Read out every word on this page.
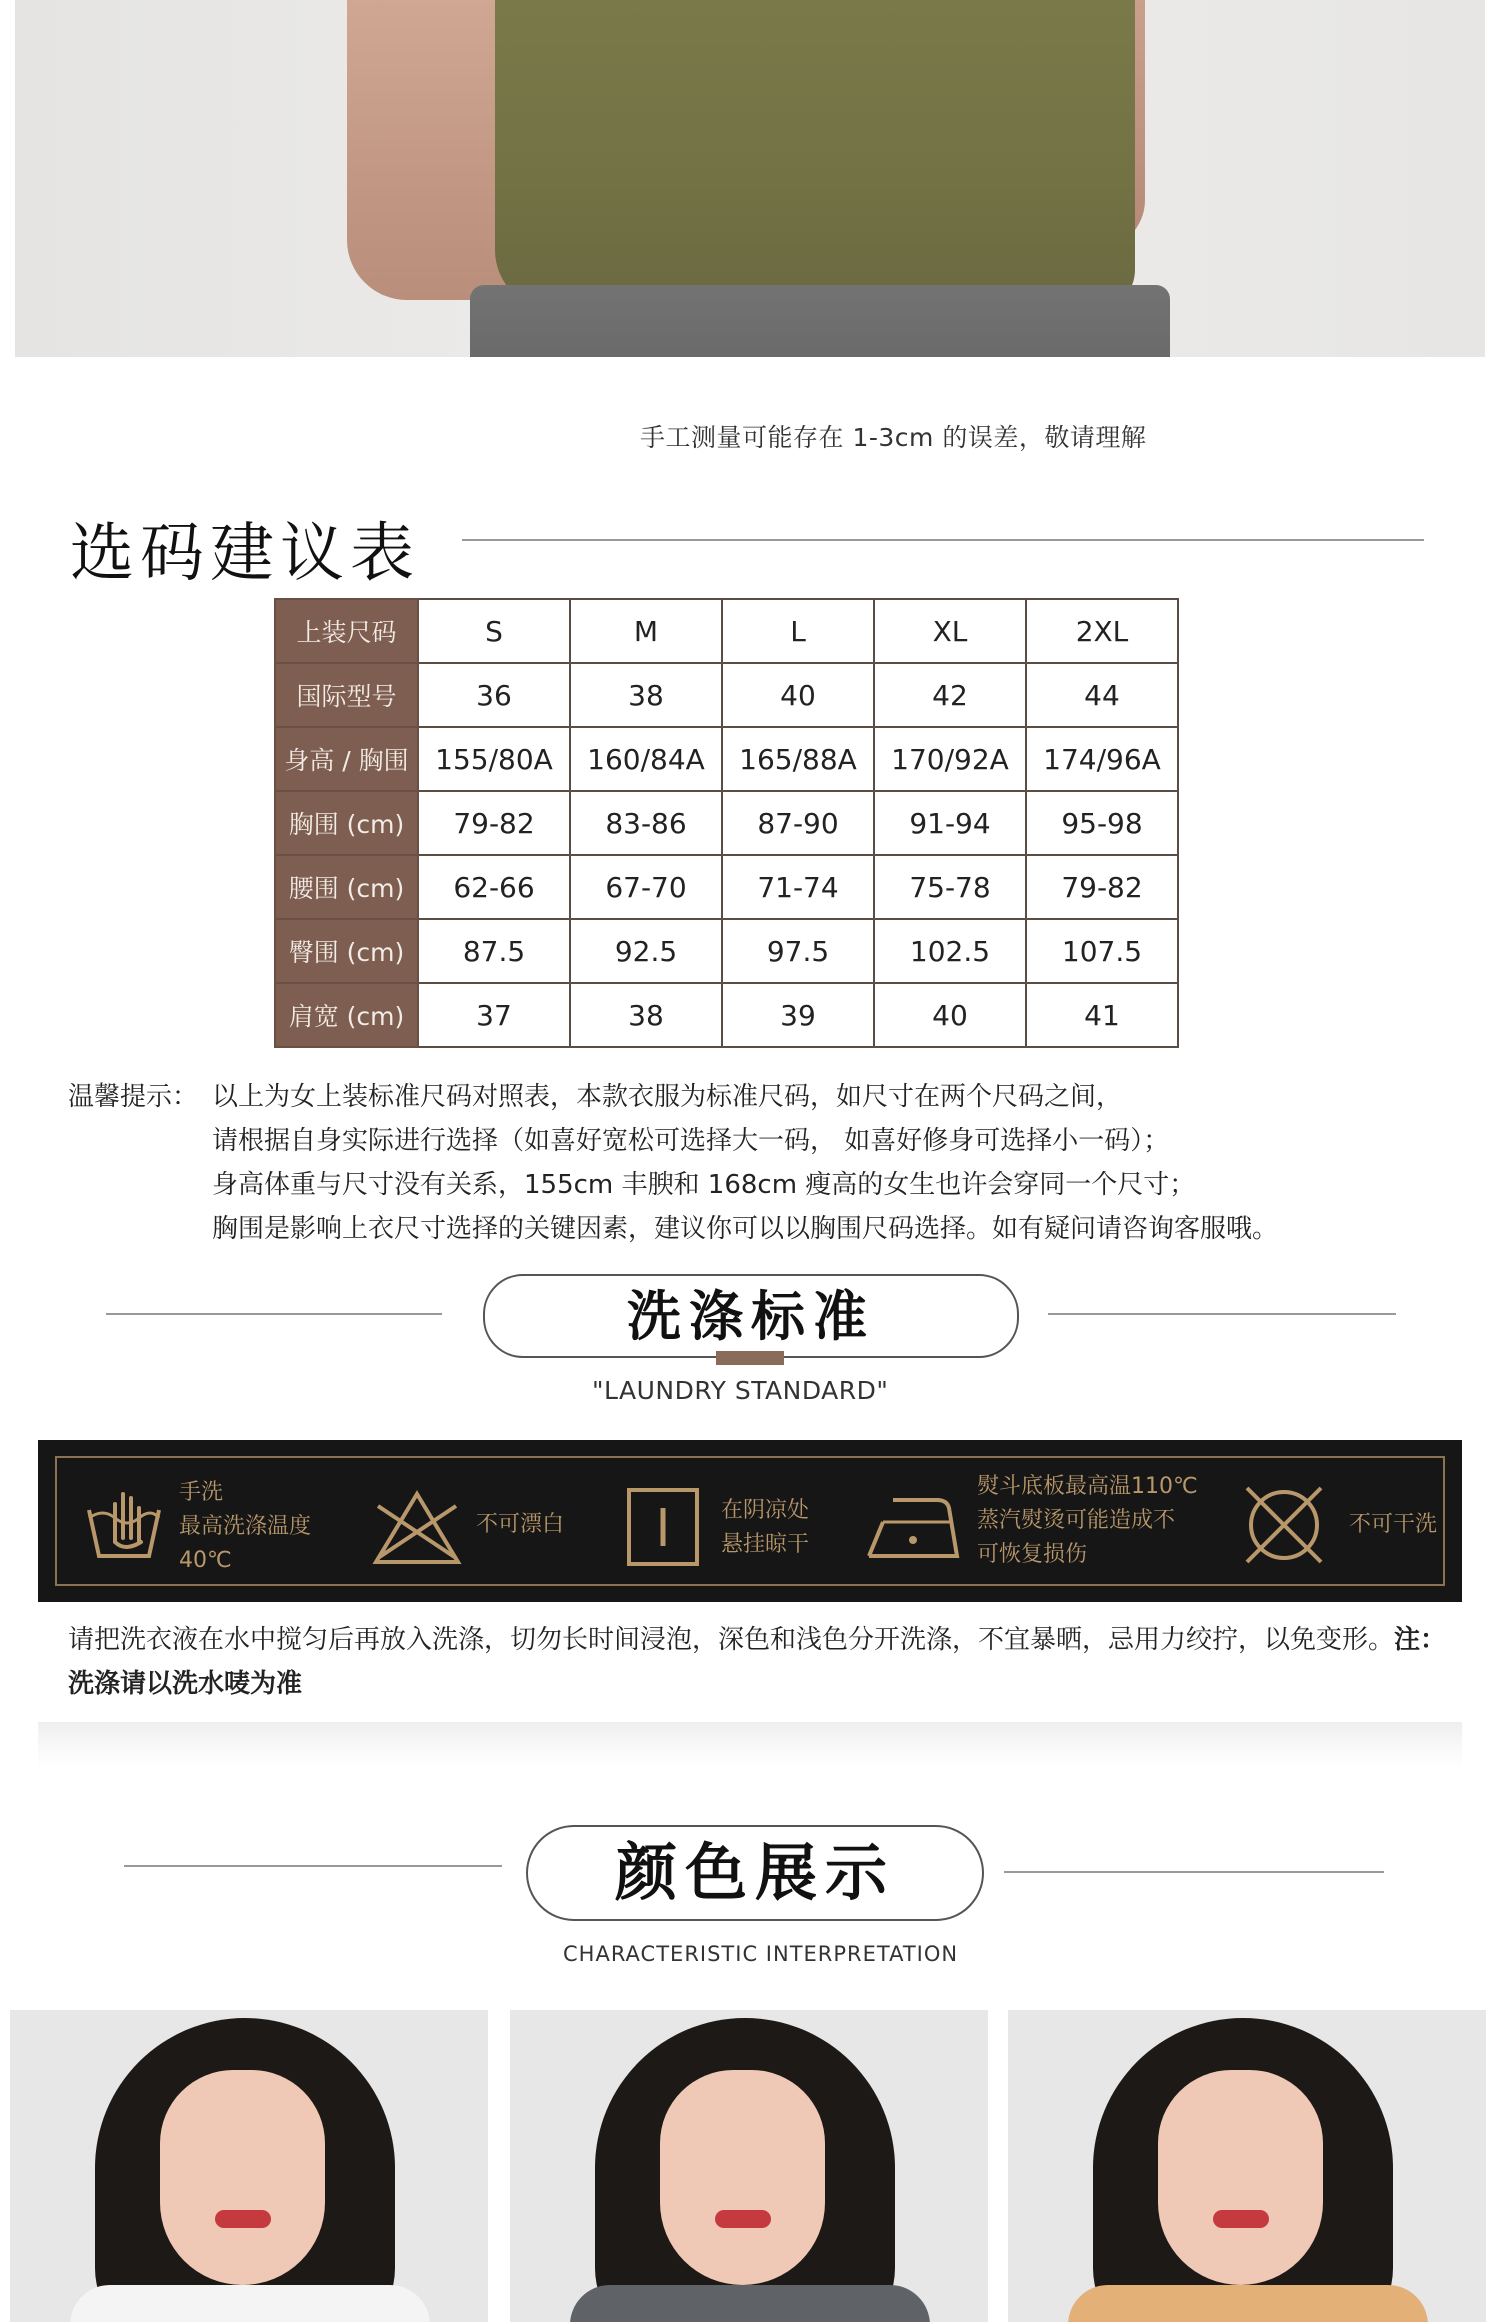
手工测量可能存在 1-3cm 的误差，敬请理解
选码建议表
上装尺码	S	M	L	XL	2XL
国际型号	36	38	40	42	44
身高 / 胸围	155/80A	160/84A	165/88A	170/92A	174/96A
胸围 (cm)	79-82	83-86	87-90	91-94	95-98
腰围 (cm)	62-66	67-70	71-74	75-78	79-82
臀围 (cm)	87.5	92.5	97.5	102.5	107.5
肩宽 (cm)	37	38	39	40	41
温馨提示： 以上为女上装标准尺码对照表，本款衣服为标准尺码，如尺寸在两个尺码之间，
请根据自身实际进行选择（如喜好宽松可选择大一码， 如喜好修身可选择小一码）；
身高体重与尺寸没有关系，155cm 丰腴和 168cm 瘦高的女生也许会穿同一个尺寸；
胸围是影响上衣尺寸选择的关键因素，建议你可以以胸围尺码选择。如有疑问请咨询客服哦。
洗涤标准
"LAUNDRY STANDARD"
手洗
最高洗涤温度
40℃
不可漂白
在阴凉处
悬挂晾干
熨斗底板最高温110℃
蒸汽熨烫可能造成不
可恢复损伤
不可干洗
请把洗衣液在水中搅匀后再放入洗涤，切勿长时间浸泡，深色和浅色分开洗涤，不宜暴晒，忌用力绞拧，以免变形。注：洗涤请以洗水唛为准
颜色展示
CHARACTERISTIC INTERPRETATION
